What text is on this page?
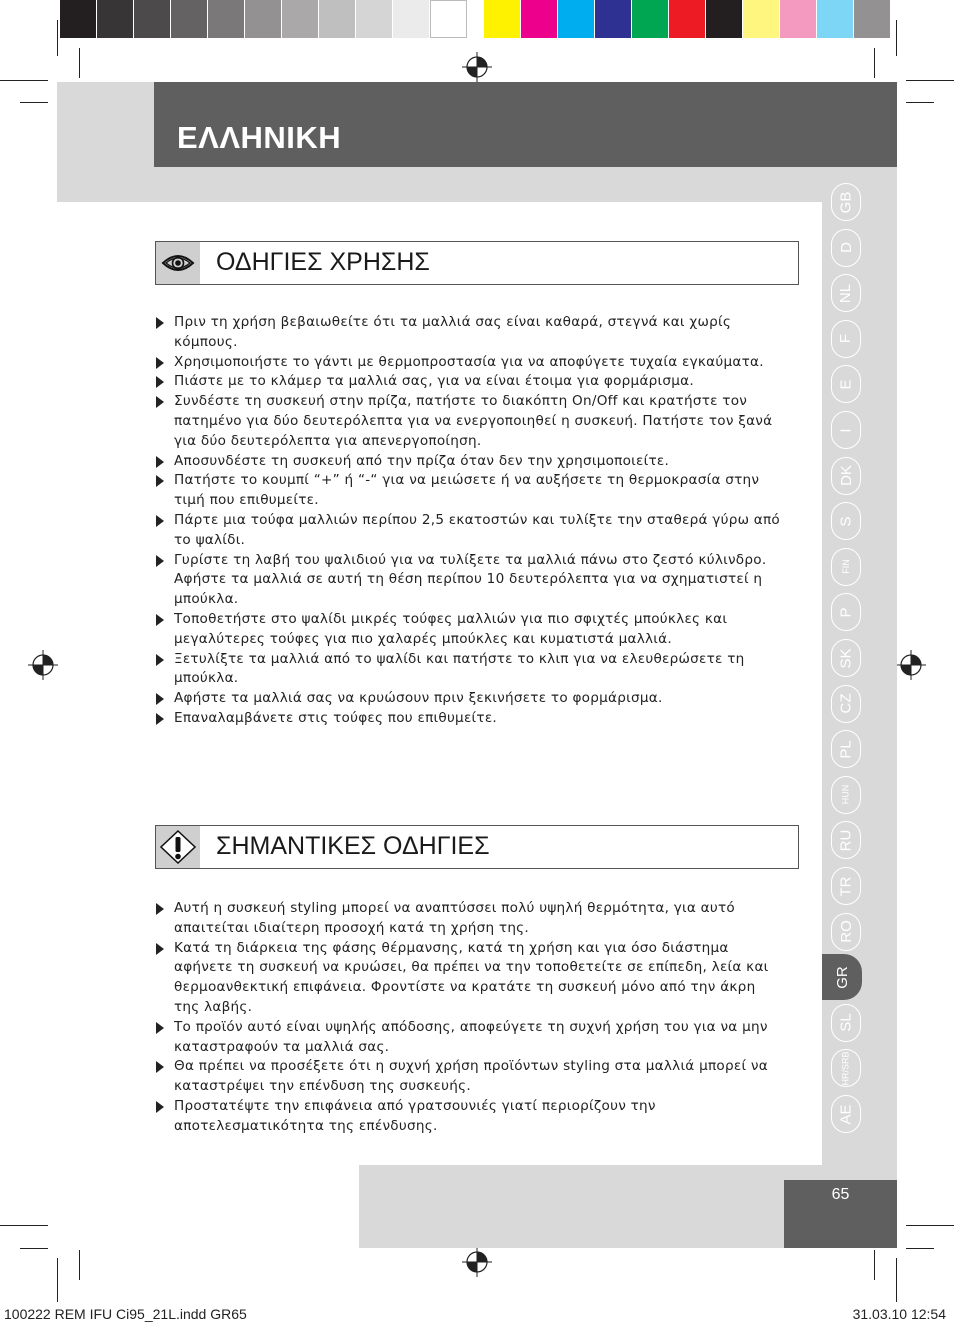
ΕΛΛΗΝΙΚΗ
GB
D
NL
F
E
I
DK
S
FIN
P
SK
CZ
PL
HUN
RU
TR
RO
GR
SL
HR/SRB
AE
ΟΔΗΓΙΕΣ ΧΡΗΣΗΣ
Πριν τη χρήση βεβαιωθείτε ότι τα μαλλιά σας είναι καθαρά, στεγνά και χωρίς κόμπους.
Χρησιμοποιήστε το γάντι με θερμοπροστασία για να αποφύγετε τυχαία εγκαύματα.
Πιάστε με το κλάμερ τα μαλλιά σας, για να είναι έτοιμα για φορμάρισμα.
Συνδέστε τη συσκευή στην πρίζα, πατήστε το διακόπτη On/Off και κρατήστε τον πατημένο για δύο δευτερόλεπτα για να ενεργοποιηθεί η συσκευή. Πατήστε τον ξανά για δύο δευτερόλεπτα για απενεργοποίηση.
Αποσυνδέστε τη συσκευή από την πρίζα όταν δεν την χρησιμοποιείτε.
Πατήστε το κουμπί “+” ή “-“ για να μειώσετε ή να αυξήσετε τη θερμοκρασία στην τιμή που επιθυμείτε.
Πάρτε μια τούφα μαλλιών περίπου 2,5 εκατοστών και τυλίξτε την σταθερά γύρω από το ψαλίδι.
Γυρίστε τη λαβή του ψαλιδιού για να τυλίξετε τα μαλλιά πάνω στο ζεστό κύλινδρο. Αφήστε τα μαλλιά σε αυτή τη θέση περίπου 10 δευτερόλεπτα για να σχηματιστεί η μπούκλα.
Τοποθετήστε στο ψαλίδι μικρές τούφες μαλλιών για πιο σφιχτές μπούκλες και μεγαλύτερες τούφες για πιο χαλαρές μπούκλες και κυματιστά μαλλιά.
Ξετυλίξτε τα μαλλιά από το ψαλίδι και πατήστε το κλιπ για να ελευθερώσετε τη μπούκλα.
Αφήστε τα μαλλιά σας να κρυώσουν πριν ξεκινήσετε το φορμάρισμα.
Επαναλαμβάνετε στις τούφες που επιθυμείτε.
ΣΗΜΑΝΤΙΚΕΣ ΟΔΗΓΙΕΣ
Αυτή η συσκευή styling μπορεί να αναπτύσσει πολύ υψηλή θερμότητα, για αυτό απαιτείται ιδιαίτερη προσοχή κατά τη χρήση της.
Κατά τη διάρκεια της φάσης θέρμανσης, κατά τη χρήση και για όσο διάστημα αφήνετε τη συσκευή να κρυώσει, θα πρέπει να την τοποθετείτε σε επίπεδη, λεία και θερμοανθεκτική επιφάνεια. Φροντίστε να κρατάτε τη συσκευή μόνο από την άκρη της λαβής.
Το προϊόν αυτό είναι υψηλής απόδοσης, αποφεύγετε τη συχνή χρήση του για να μην καταστραφούν τα μαλλιά σας.
Θα πρέπει να προσέξετε ότι η συχνή χρήση προϊόντων styling στα μαλλιά μπορεί να καταστρέψει την επένδυση της συσκευής.
Προστατέψτε την επιφάνεια από γρατσουνιές γιατί περιορίζουν την αποτελεσματικότητα της επένδυσης.
65
100222 REM IFU Ci95_21L.indd GR65	31.03.10 12:54
